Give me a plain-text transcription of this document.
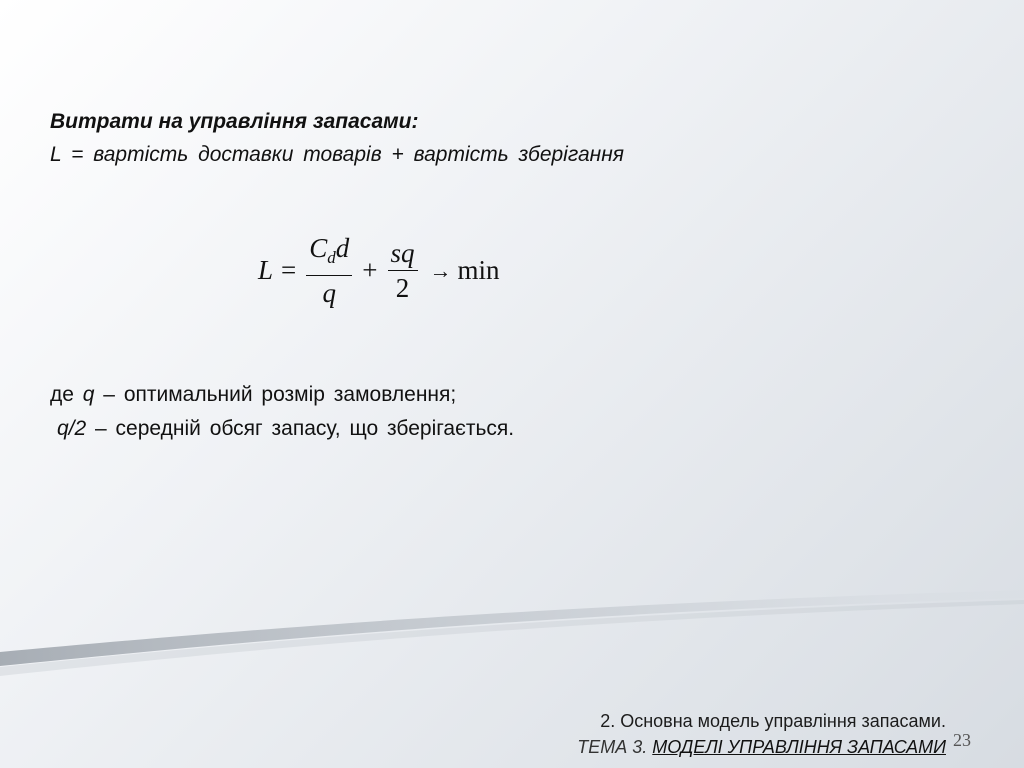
Витрати на управління запасами:

L = вартість доставки товарів + вартість зберігання

$L = \frac{C_dd}{q} + \frac{sq}{2} \to \min$

де q – оптимальний розмір замовлення;

q/2 – середній обсяг запасу, що зберігається.

2. Основна модель управління запасами.

ТЕМА 3. МОДЕЛІ УПРАВЛІННЯ ЗАПАСАМИ 23
